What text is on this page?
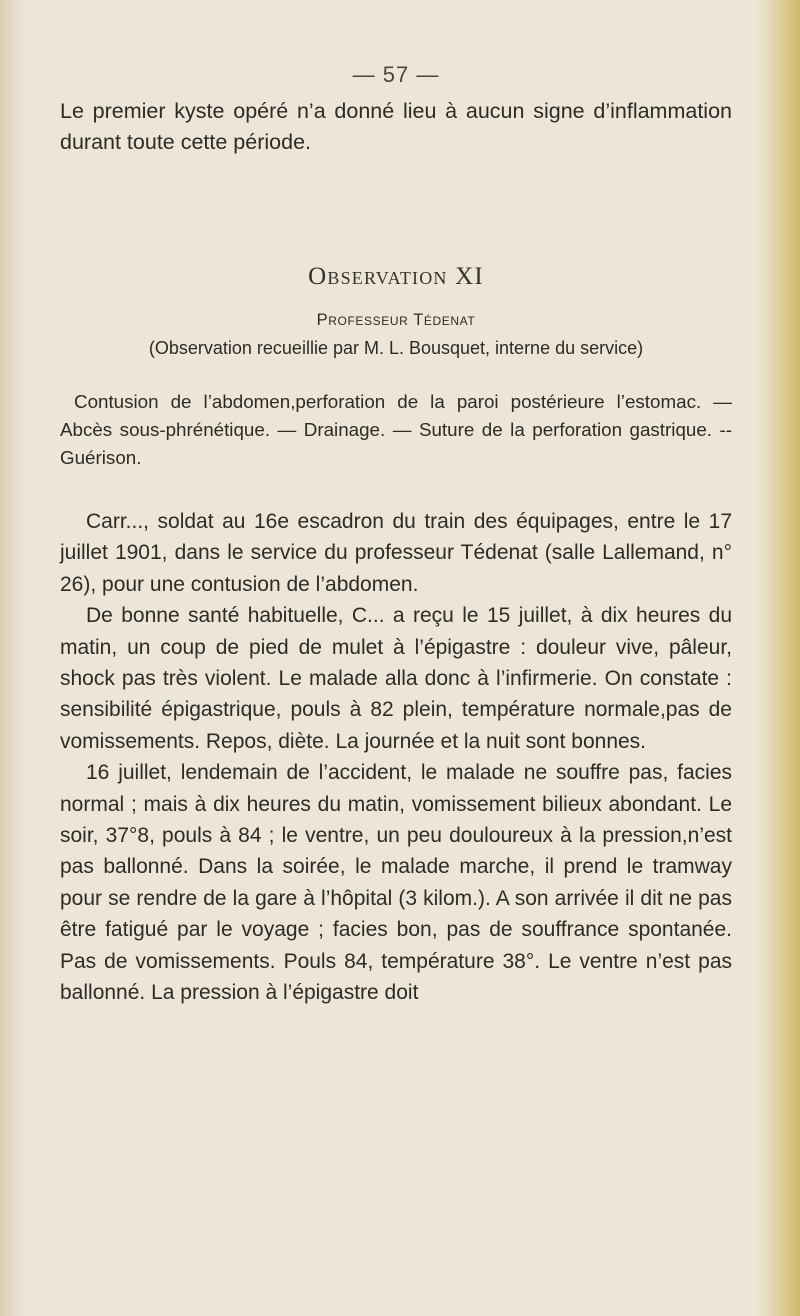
— 57 —

Le premier kyste opéré n’a donné lieu à aucun signe d’inflammation durant toute cette période.

Observation XI
Professeur Tédenat
(Observation recueillie par M. L. Bousquet, interne du service)

Contusion de l’abdomen,perforation de la paroi postérieure l’estomac. — Abcès sous-phrénétique. — Drainage. — Suture de la perforation gastrique. -- Guérison.

Carr..., soldat au 16e escadron du train des équipages, entre le 17 juillet 1901, dans le service du professeur Tédenat (salle Lallemand, n° 26), pour une contusion de l’abdomen.

De bonne santé habituelle, C... a reçu le 15 juillet, à dix heures du matin, un coup de pied de mulet à l’épigastre : douleur vive, pâleur, shock pas très violent. Le malade alla donc à l’infirmerie. On constate : sensibilité épigastrique, pouls à 82 plein, température normale,pas de vomissements. Repos, diète. La journée et la nuit sont bonnes.

16 juillet, lendemain de l’accident, le malade ne souffre pas, facies normal ; mais à dix heures du matin, vomissement bilieux abondant. Le soir, 37°8, pouls à 84 ; le ventre, un peu douloureux à la pression,n’est pas ballonné. Dans la soirée, le malade marche, il prend le tramway pour se rendre de la gare à l’hôpital (3 kilom.). A son arrivée il dit ne pas être fatigué par le voyage ; facies bon, pas de souffrance spontanée. Pas de vomissements. Pouls 84, température 38°. Le ventre n’est pas ballonné. La pression à l’épigastre doit
